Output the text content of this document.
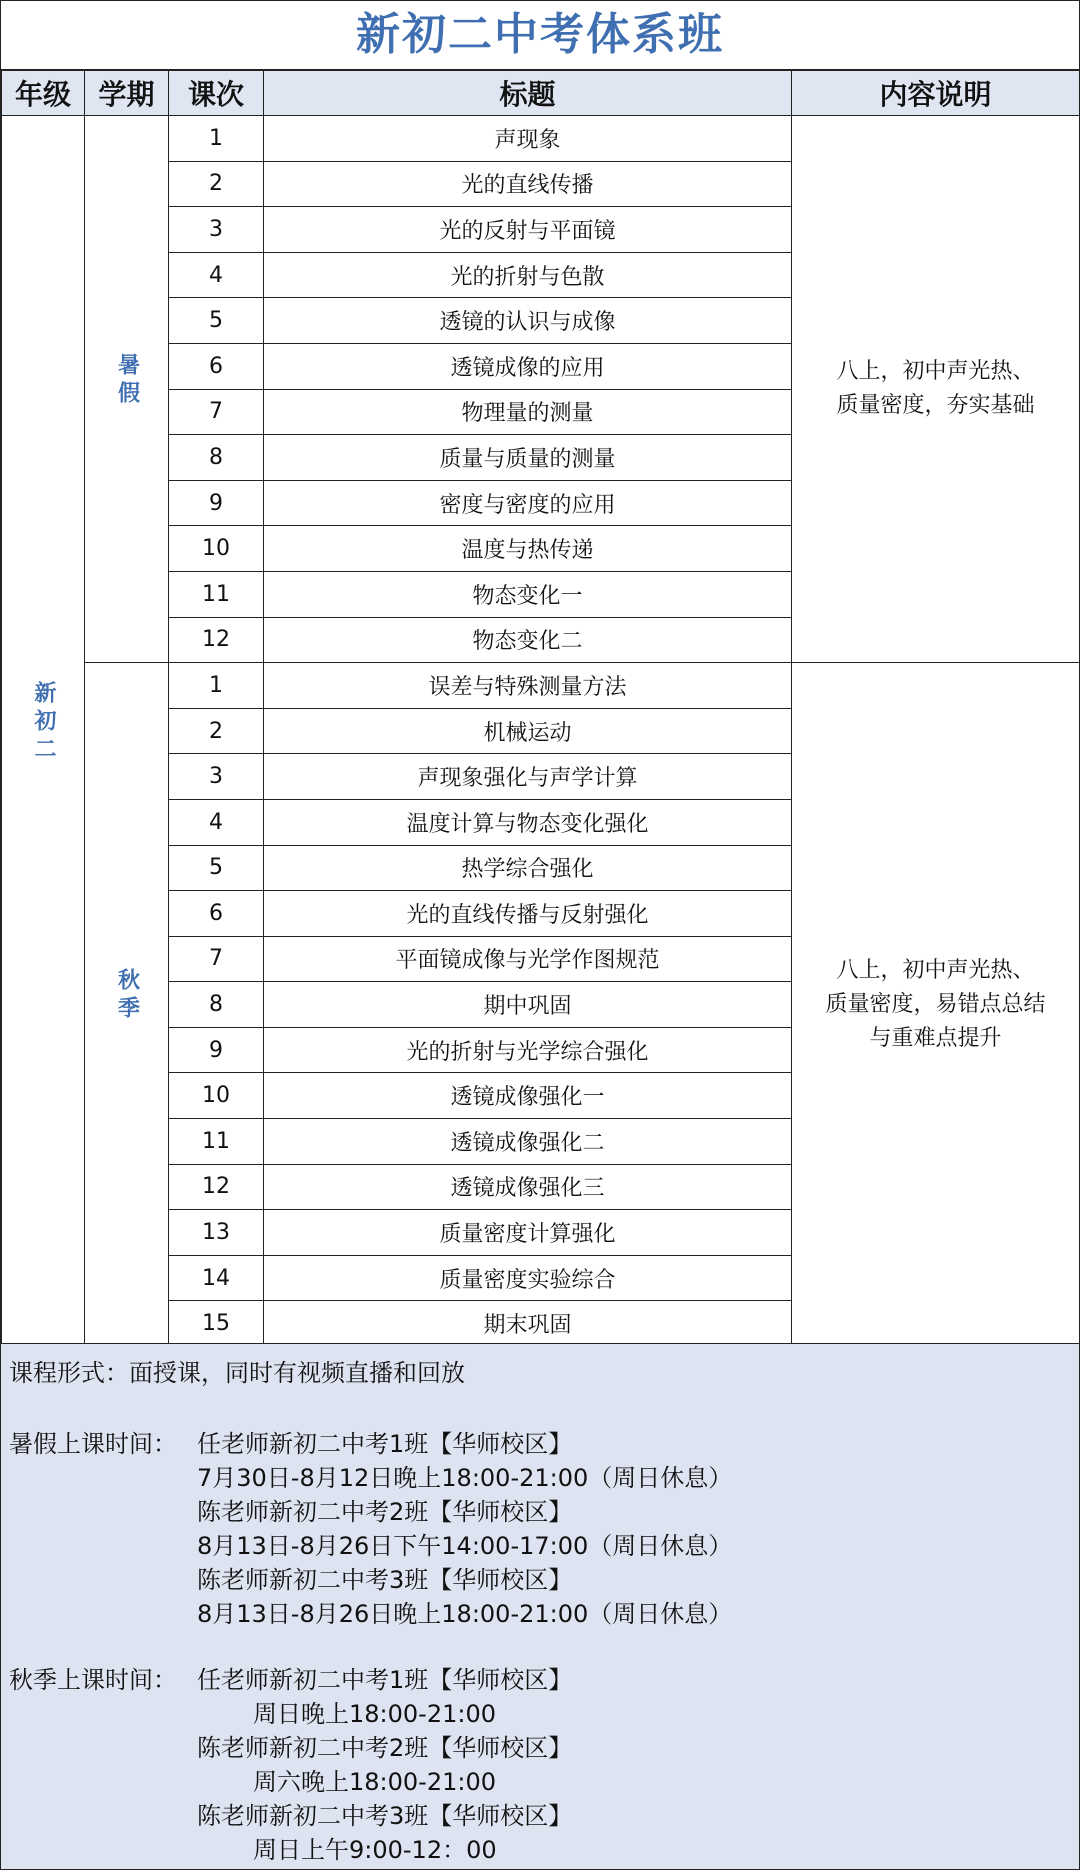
新初二中考体系班
年级	学期	课次	标题	内容说明
新初二	暑假	1	声现象	八上，初中声光热、
质量密度，夯实基础

		2	光的直线传播	
		3	光的反射与平面镜	
		4	光的折射与色散	
		5	透镜的认识与成像	
		6	透镜成像的应用	
		7	物理量的测量	
		8	质量与质量的测量	
		9	密度与密度的应用	
		10	温度与热传递	
		11	物态变化一	
		12	物态变化二	
	秋季	1	误差与特殊测量方法	八上，初中声光热、
质量密度，易错点总结
与重难点提升

		2	机械运动	
		3	声现象强化与声学计算	
		4	温度计算与物态变化强化	
		5	热学综合强化	
		6	光的直线传播与反射强化	
		7	平面镜成像与光学作图规范	
		8	期中巩固	
		9	光的折射与光学综合强化	
		10	透镜成像强化一	
		11	透镜成像强化二	
		12	透镜成像强化三	
		13	质量密度计算强化	
		14	质量密度实验综合	
		15	期末巩固	
课程形式：面授课，同时有视频直播和回放
暑假上课时间： 任老师新初二中考1班【华师校区】
7月30日-8月12日晚上18:00-21:00（周日休息）
陈老师新初二中考2班【华师校区】
8月13日-8月26日下午14:00-17:00（周日休息）
陈老师新初二中考3班【华师校区】
8月13日-8月26日晚上18:00-21:00（周日休息）
秋季上课时间： 任老师新初二中考1班【华师校区】
周日晚上18:00-21:00
陈老师新初二中考2班【华师校区】
周六晚上18:00-21:00
陈老师新初二中考3班【华师校区】
周日上午9:00-12：00
